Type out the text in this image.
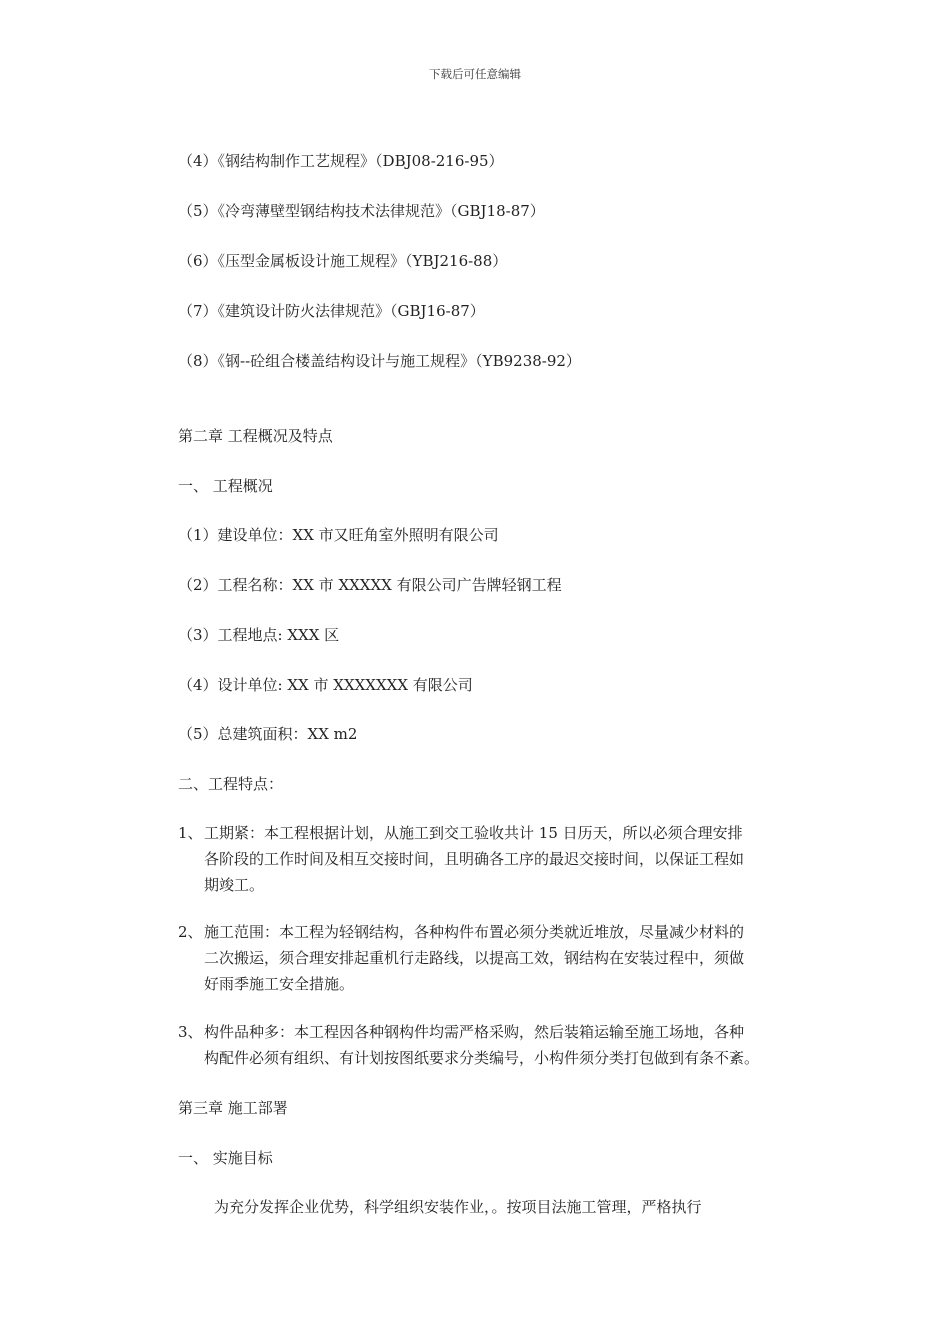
下载后可任意编辑
（4）《钢结构制作工艺规程》（DBJ08-216-95）
（5）《冷弯薄壁型钢结构技术法律规范》（GBJ18-87）
（6）《压型金属板设计施工规程》（YBJ216-88）
（7）《建筑设计防火法律规范》（GBJ16-87）
（8）《钢--砼组合楼盖结构设计与施工规程》（YB9238-92）
第二章 工程概况及特点
一、 工程概况
（1）建设单位：XX 市又旺角室外照明有限公司
（2）工程名称：XX 市 XXXXX 有限公司广告牌轻钢工程
（3）工程地点: XXX 区
（4）设计单位: XX 市 XXXXXXX 有限公司
（5）总建筑面积：XX m2
二、工程特点：
1、 工期紧：本工程根据计划，从施工到交工验收共计 15 日历天，所以必须合理安排
各阶段的工作时间及相互交接时间，且明确各工序的最迟交接时间，以保证工程如
期竣工。
2、 施工范围：本工程为轻钢结构，各种构件布置必须分类就近堆放，尽量减少材料的
二次搬运，须合理安排起重机行走路线，以提高工效，钢结构在安装过程中，须做
好雨季施工安全措施。
3、 构件品种多：本工程因各种钢构件均需严格采购，然后装箱运输至施工场地，各种
构配件必须有组织、有计划按图纸要求分类编号，小构件须分类打包做到有条不紊。
第三章 施工部署
一、 实施目标
为充分发挥企业优势，科学组织安装作业，。按项目法施工管理，严格执行
